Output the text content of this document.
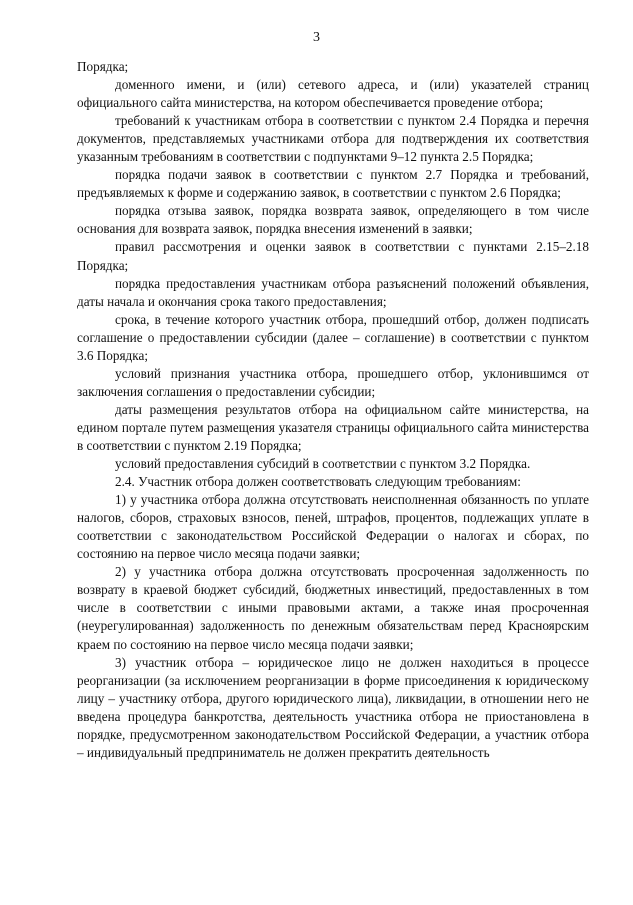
3

Порядка;

доменного имени, и (или) сетевого адреса, и (или) указателей страниц официального сайта министерства, на котором обеспечивается проведение отбора;

требований к участникам отбора в соответствии с пунктом 2.4 Порядка и перечня документов, представляемых участниками отбора для подтверждения их соответствия указанным требованиям в соответствии с подпунктами 9–12 пункта 2.5 Порядка;

порядка подачи заявок в соответствии с пунктом 2.7 Порядка и требований, предъявляемых к форме и содержанию заявок, в соответствии с пунктом 2.6 Порядка;

порядка отзыва заявок, порядка возврата заявок, определяющего в том числе основания для возврата заявок, порядка внесения изменений в заявки;

правил рассмотрения и оценки заявок в соответствии с пунктами 2.15–2.18 Порядка;

порядка предоставления участникам отбора разъяснений положений объявления, даты начала и окончания срока такого предоставления;

срока, в течение которого участник отбора, прошедший отбор, должен подписать соглашение о предоставлении субсидии (далее – соглашение) в соответствии с пунктом 3.6 Порядка;

условий признания участника отбора, прошедшего отбор, уклонившимся от заключения соглашения о предоставлении субсидии;

даты размещения результатов отбора на официальном сайте министерства, на едином портале путем размещения указателя страницы официального сайта министерства в соответствии с пунктом 2.19 Порядка;

условий предоставления субсидий в соответствии с пунктом 3.2 Порядка.

2.4. Участник отбора должен соответствовать следующим требованиям:

1) у участника отбора должна отсутствовать неисполненная обязанность по уплате налогов, сборов, страховых взносов, пеней, штрафов, процентов, подлежащих уплате в соответствии с законодательством Российской Федерации о налогах и сборах, по состоянию на первое число месяца подачи заявки;

2) у участника отбора должна отсутствовать просроченная задолженность по возврату в краевой бюджет субсидий, бюджетных инвестиций, предоставленных в том числе в соответствии с иными правовыми актами, а также иная просроченная (неурегулированная) задолженность по денежным обязательствам перед Красноярским краем по состоянию на первое число месяца подачи заявки;

3) участник отбора – юридическое лицо не должен находиться в процессе реорганизации (за исключением реорганизации в форме присоединения к юридическому лицу – участнику отбора, другого юридического лица), ликвидации, в отношении него не введена процедура банкротства, деятельность участника отбора не приостановлена в порядке, предусмотренном законодательством Российской Федерации, а участник отбора – индивидуальный предприниматель не должен прекратить деятельность
